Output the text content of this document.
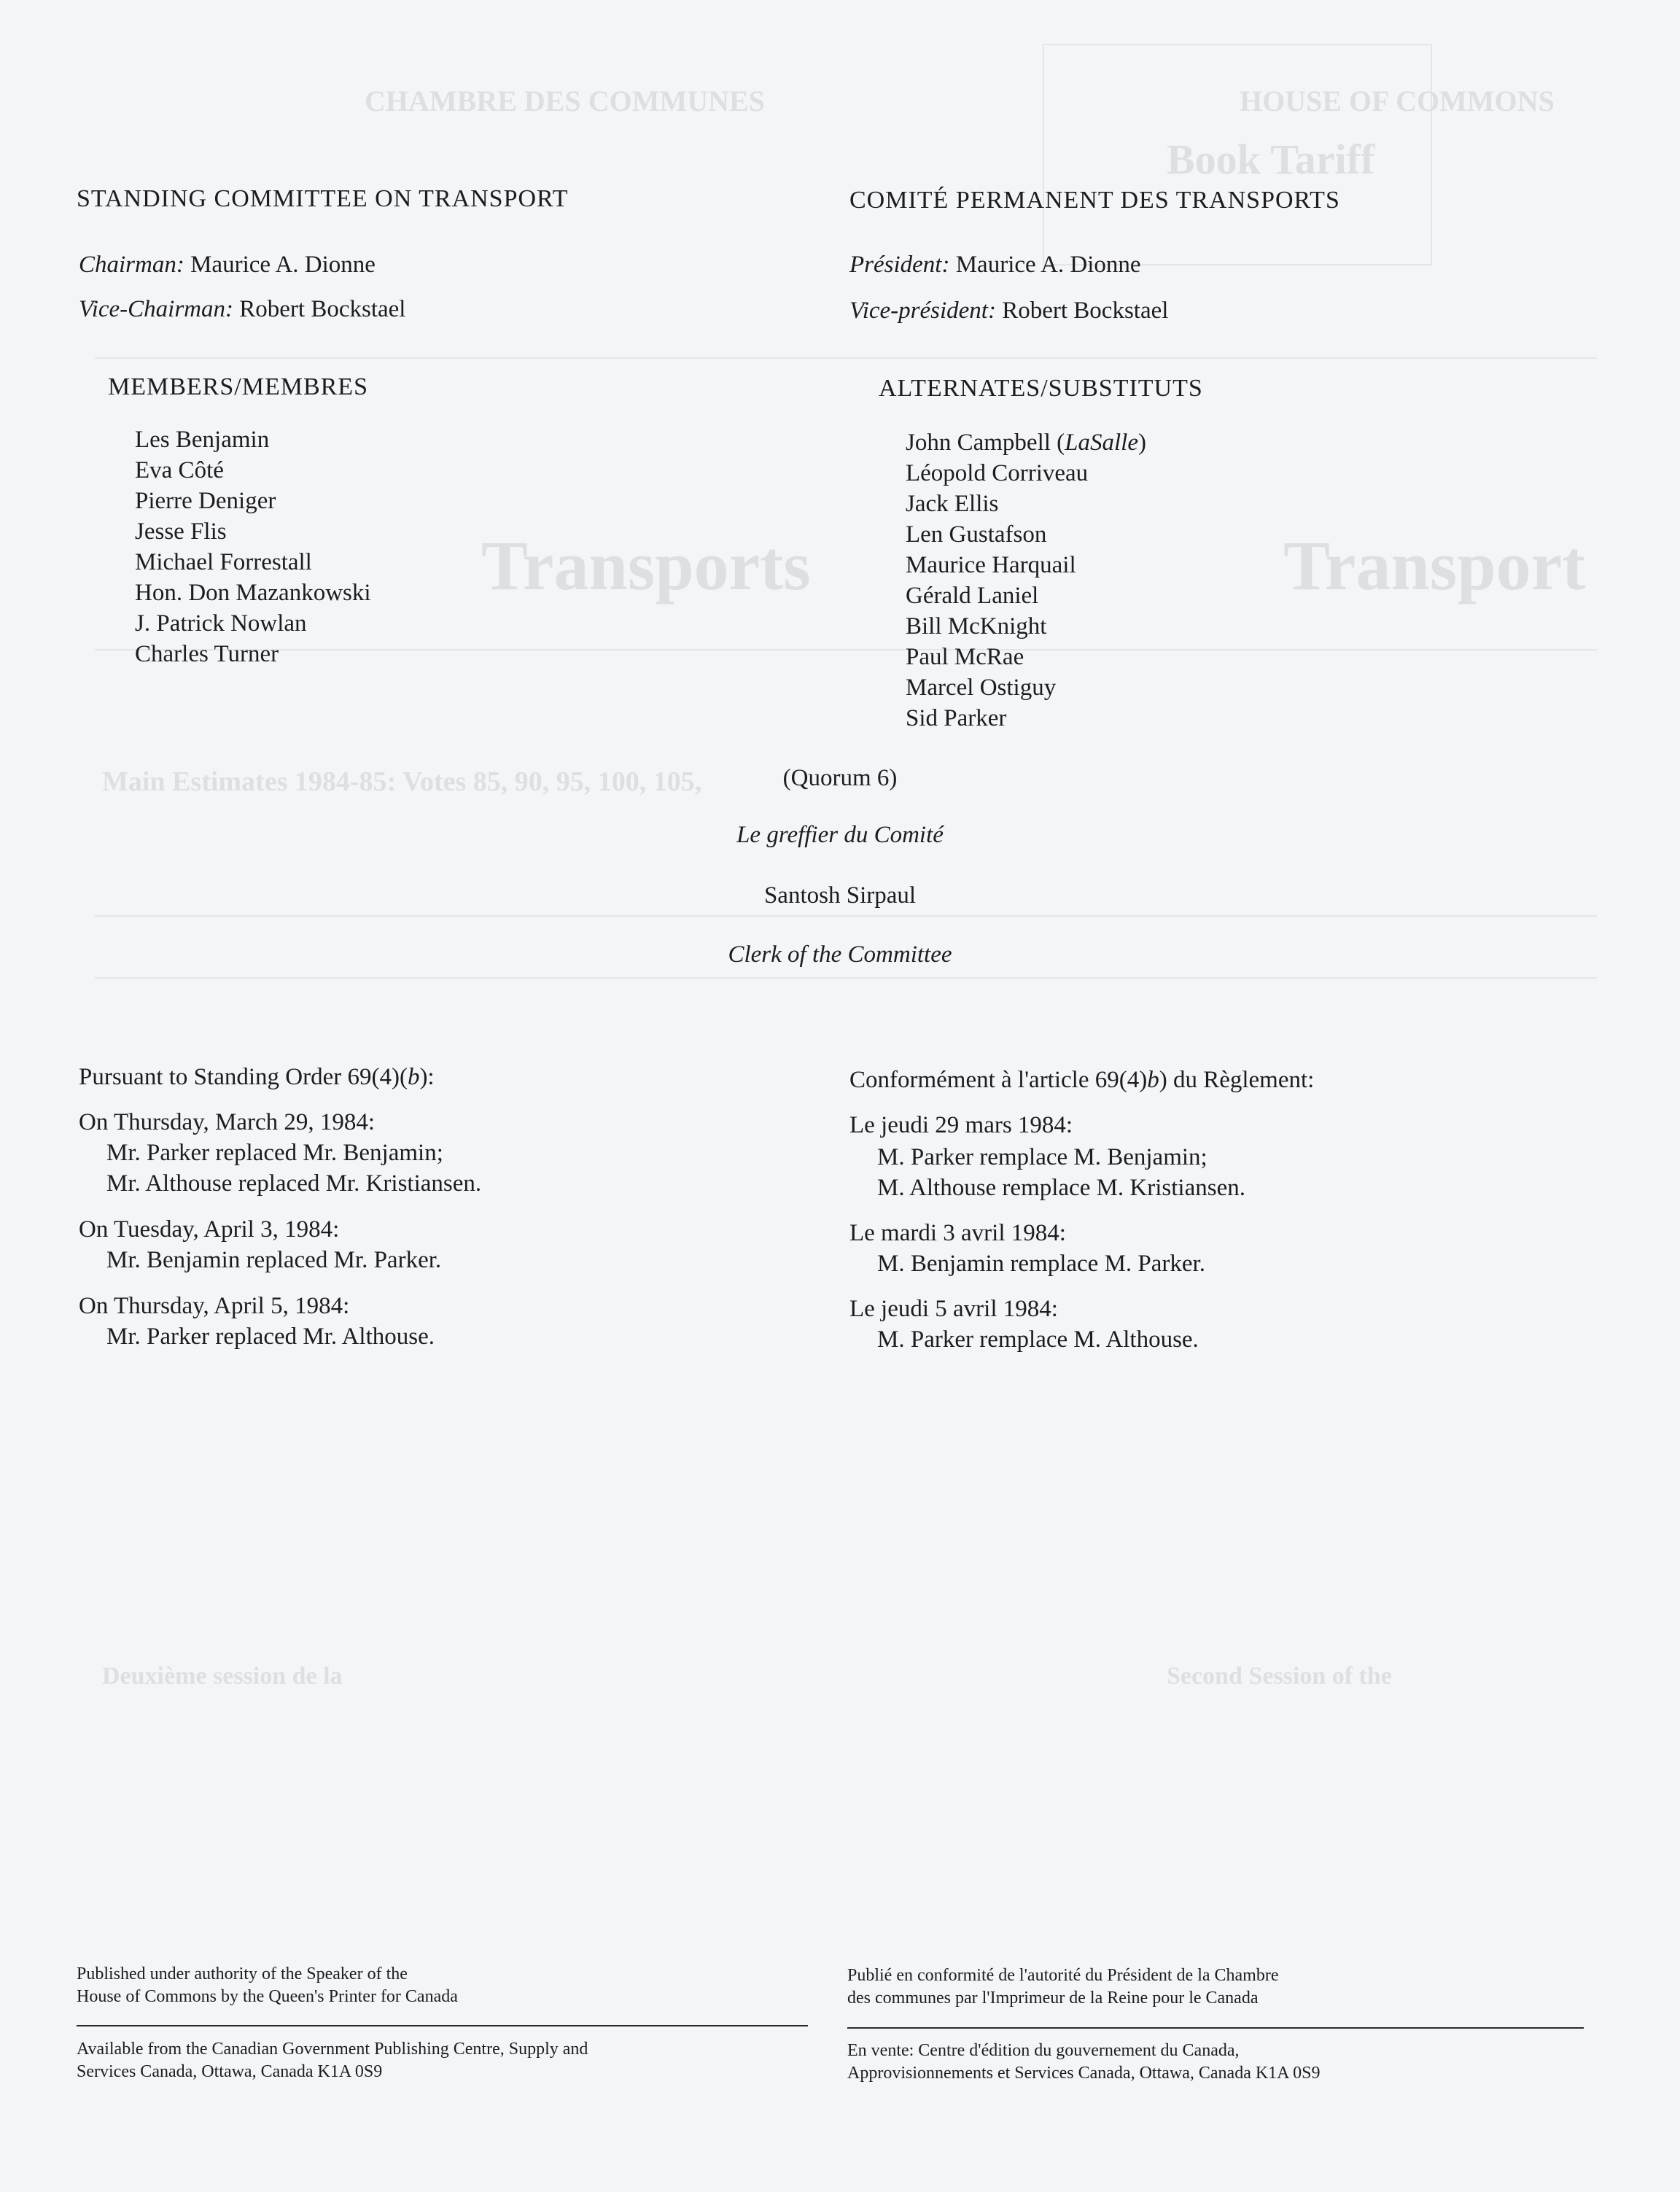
Book Tariff
CHAMBRE DES COMMUNES	HOUSE OF COMMONS
Transports	Transport
Main Estimates 1984-85: Votes 85, 90, 95, 100, 105,
Deuxième session de la	Second Session of the
STANDING COMMITTEE ON TRANSPORT
Chairman: Maurice A. Dionne
Vice-Chairman: Robert Bockstael
MEMBERS/MEMBRES
Les Benjamin
Eva Côté
Pierre Deniger
Jesse Flis
Michael Forrestall
Hon. Don Mazankowski
J. Patrick Nowlan
Charles Turner
COMITÉ PERMANENT DES TRANSPORTS
Président: Maurice A. Dionne
Vice-président: Robert Bockstael
ALTERNATES/SUBSTITUTS
John Campbell (LaSalle)
Léopold Corriveau
Jack Ellis
Len Gustafson
Maurice Harquail
Gérald Laniel
Bill McKnight
Paul McRae
Marcel Ostiguy
Sid Parker
(Quorum 6)
Le greffier du Comité
Santosh Sirpaul
Clerk of the Committee
Pursuant to Standing Order 69(4)(b):
On Thursday, March 29, 1984:
Mr. Parker replaced Mr. Benjamin;
Mr. Althouse replaced Mr. Kristiansen.
On Tuesday, April 3, 1984:
Mr. Benjamin replaced Mr. Parker.
On Thursday, April 5, 1984:
Mr. Parker replaced Mr. Althouse.
Conformément à l'article 69(4)b) du Règlement:
Le jeudi 29 mars 1984:
M. Parker remplace M. Benjamin;
M. Althouse remplace M. Kristiansen.
Le mardi 3 avril 1984:
M. Benjamin remplace M. Parker.
Le jeudi 5 avril 1984:
M. Parker remplace M. Althouse.
Published under authority of the Speaker of the
House of Commons by the Queen's Printer for Canada
Available from the Canadian Government Publishing Centre, Supply and
Services Canada, Ottawa, Canada K1A 0S9
Publié en conformité de l'autorité du Président de la Chambre
des communes par l'Imprimeur de la Reine pour le Canada
En vente: Centre d'édition du gouvernement du Canada,
Approvisionnements et Services Canada, Ottawa, Canada K1A 0S9
